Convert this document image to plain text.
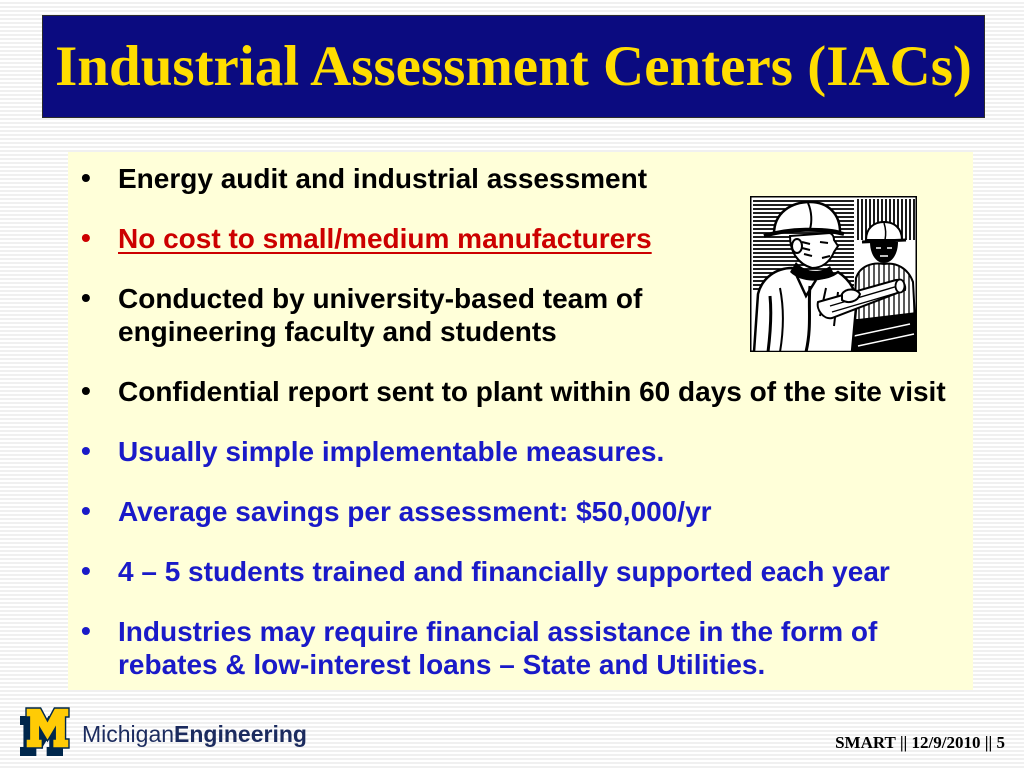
Industrial Assessment Centers (IACs)
• Energy audit and industrial assessment
• No cost to small/medium manufacturers
• Conducted by university-based team of
engineering faculty and students
• Confidential report sent to plant within 60 days of the site visit
• Usually simple implementable measures.
• Average savings per assessment: $50,000/yr
• 4 – 5 students trained and financially supported each year
• Industries may require financial assistance in the form of
rebates & low-interest loans – State and Utilities.
MichiganEngineering	SMART || 12/9/2010 || 5
